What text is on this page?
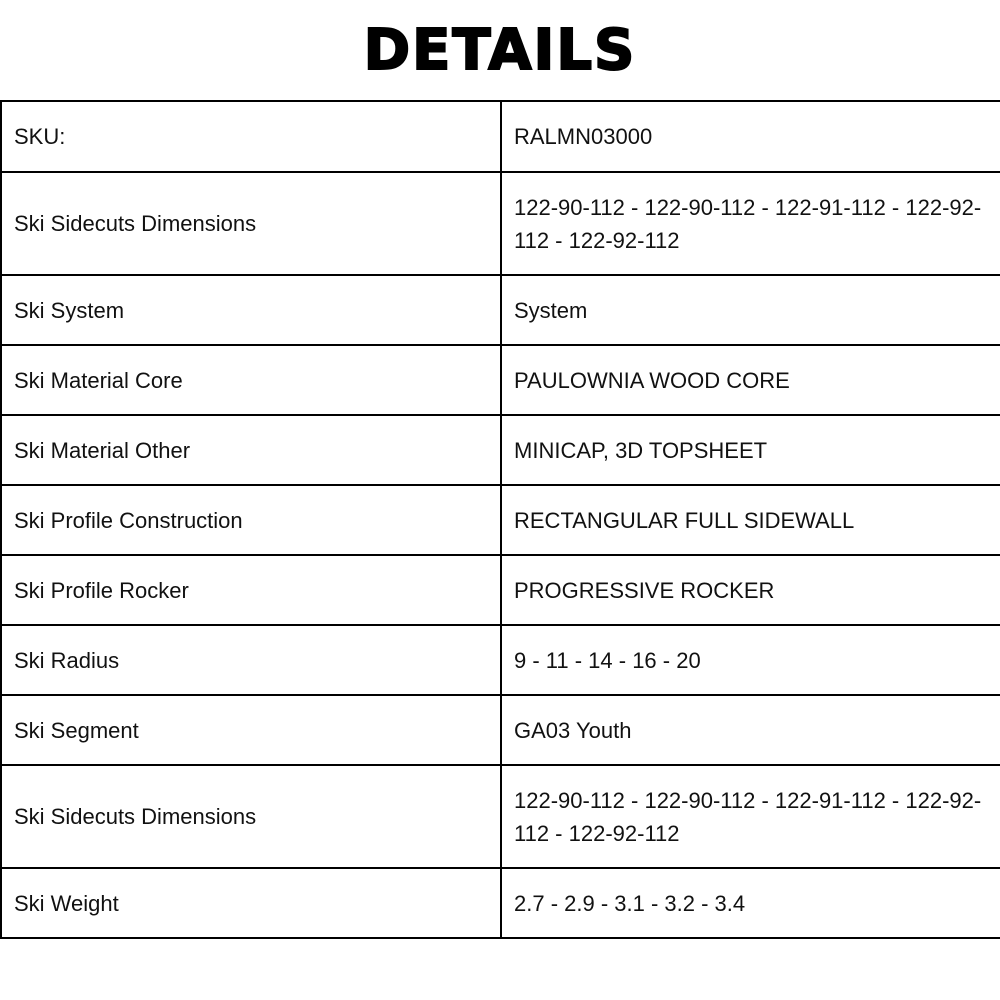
DETAILS
SKU:	RALMN03000
Ski Sidecuts Dimensions	122-90-112 - 122-90-112 - 122-91-112 - 122-92-112 - 122-92-112
Ski System	System
Ski Material Core	PAULOWNIA WOOD CORE
Ski Material Other	MINICAP, 3D TOPSHEET
Ski Profile Construction	RECTANGULAR FULL SIDEWALL
Ski Profile Rocker	PROGRESSIVE ROCKER
Ski Radius	9 - 11 - 14 - 16 - 20
Ski Segment	GA03 Youth
Ski Sidecuts Dimensions	122-90-112 - 122-90-112 - 122-91-112 - 122-92-112 - 122-92-112
Ski Weight	2.7 - 2.9 - 3.1 - 3.2 - 3.4
